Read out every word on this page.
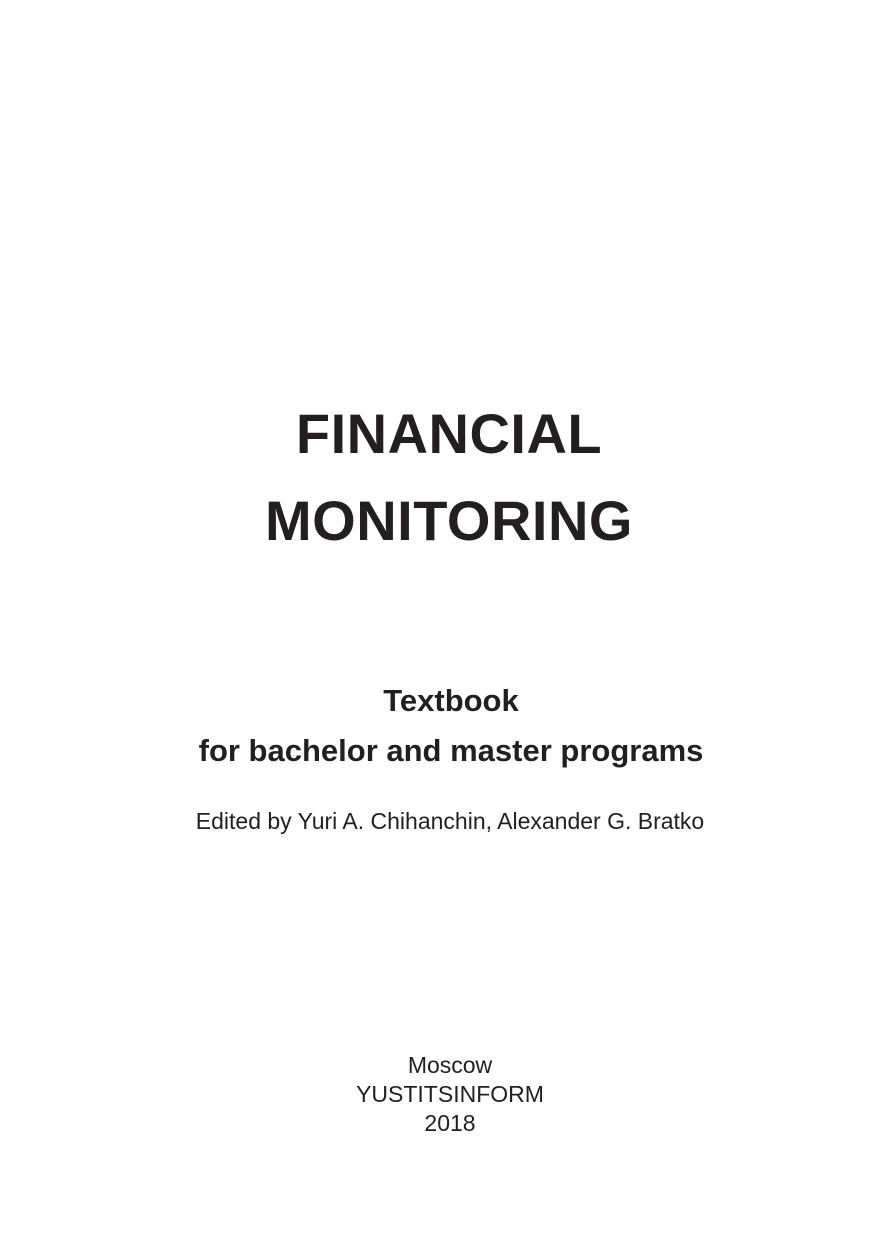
FINANCIAL
MONITORING
Textbook
for bachelor and master programs
Edited by Yuri A. Chihanchin, Alexander G. Bratko
Moscow
YUSTITSINFORM
2018
